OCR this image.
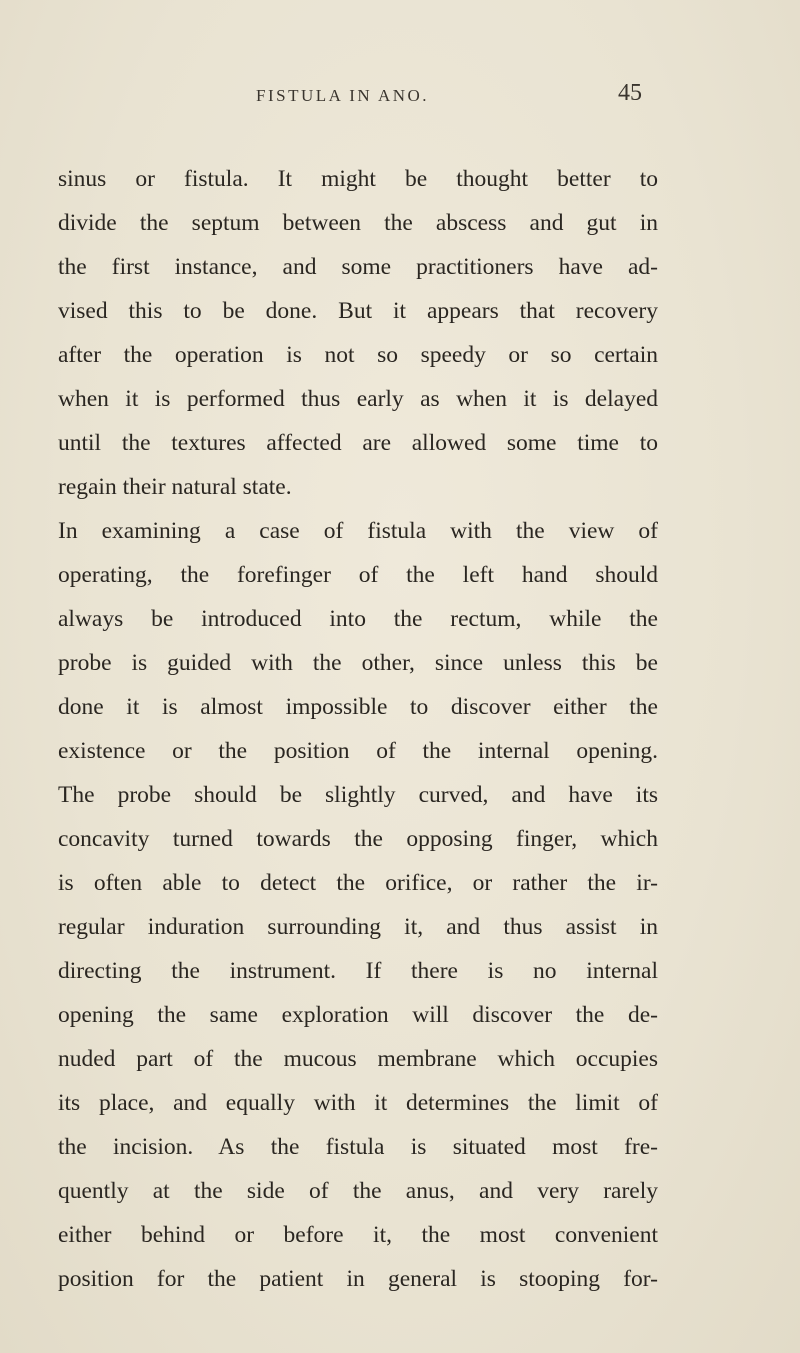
FISTULA IN ANO.	45
sinus or fistula. It might be thought better to
divide the septum between the abscess and gut in
the first instance, and some practitioners have ad-
vised this to be done. But it appears that recovery
after the operation is not so speedy or so certain
when it is performed thus early as when it is delayed
until the textures affected are allowed some time to
regain their natural state.
In examining a case of fistula with the view of
operating, the forefinger of the left hand should
always be introduced into the rectum, while the
probe is guided with the other, since unless this be
done it is almost impossible to discover either the
existence or the position of the internal opening.
The probe should be slightly curved, and have its
concavity turned towards the opposing finger, which
is often able to detect the orifice, or rather the ir-
regular induration surrounding it, and thus assist in
directing the instrument. If there is no internal
opening the same exploration will discover the de-
nuded part of the mucous membrane which occupies
its place, and equally with it determines the limit of
the incision. As the fistula is situated most fre-
quently at the side of the anus, and very rarely
either behind or before it, the most convenient
position for the patient in general is stooping for-
